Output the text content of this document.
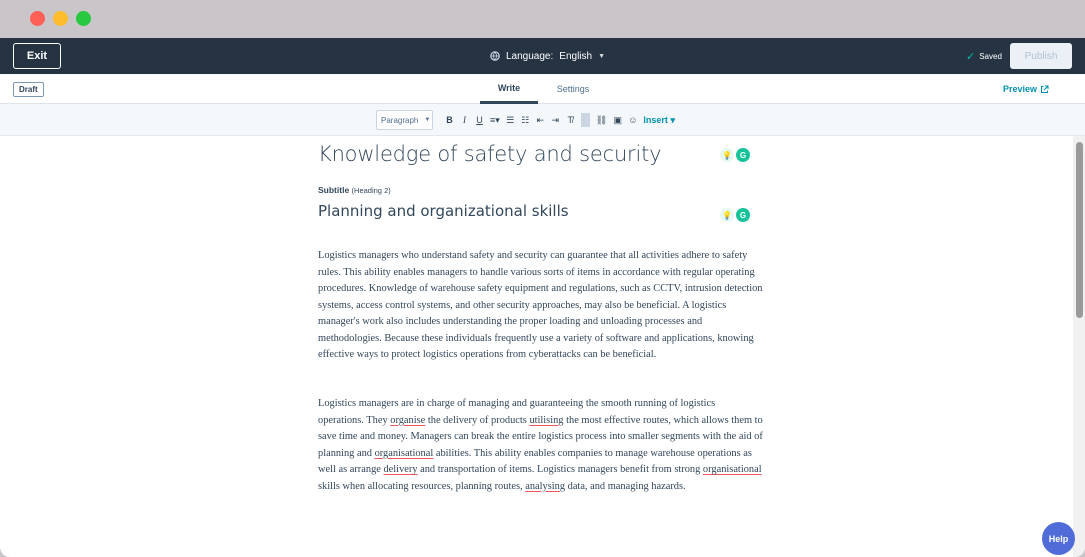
Exit	Language: English ▼	✓ Saved	Publish
Draft	Write	Settings	Preview
Paragraph ▼ B	I	U ≡▾ ☰ ☷ ⇤ ⇥ T̸	⛓ ▣ ☺ Insert ▾
Knowledge of safety and security	💡 G
Subtitle (Heading 2)
Planning and organizational skills	💡 G

Logistics managers who understand safety and security can guarantee that all activities adhere to safety rules. This ability enables managers to handle various sorts of items in accordance with regular operating procedures. Knowledge of warehouse safety equipment and regulations, such as CCTV, intrusion detection systems, access control systems, and other security approaches, may also be beneficial. A logistics manager's work also includes understanding the proper loading and unloading processes and methodologies. Because these individuals frequently use a variety of software and applications, knowing effective ways to protect logistics operations from cyberattacks can be beneficial.

Logistics managers are in charge of managing and guaranteeing the smooth running of logistics operations. They organise the delivery of products utilising the most effective routes, which allows them to save time and money. Managers can break the entire logistics process into smaller segments with the aid of planning and organisational abilities. This ability enables companies to manage warehouse operations as well as arrange delivery and transportation of items. Logistics managers benefit from strong organisational skills when allocating resources, planning routes, analysing data, and managing hazards.

Help
